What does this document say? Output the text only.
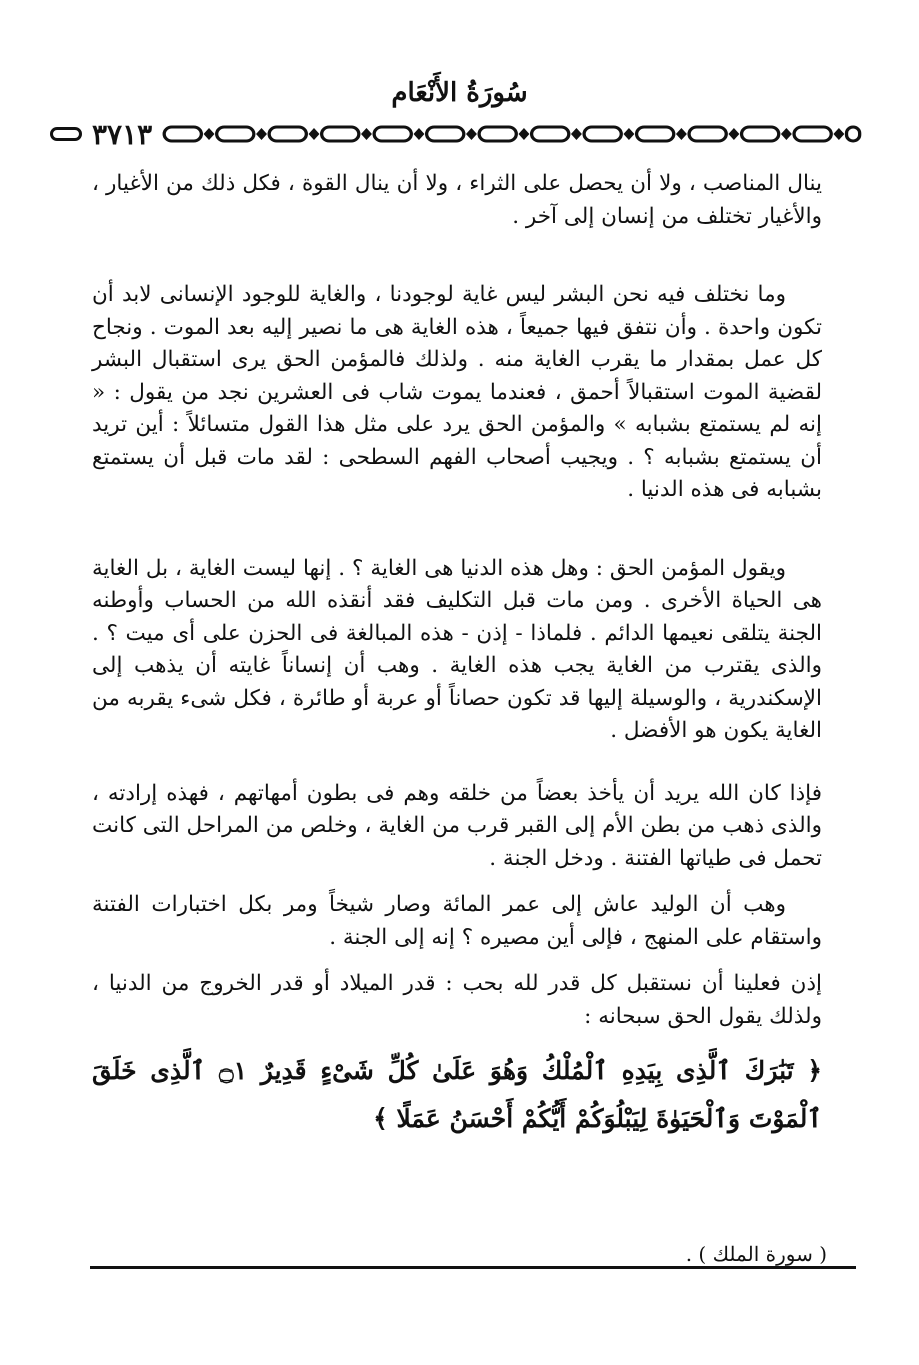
سُورَةُ الأَنْعَام
٣٧١٣

ينال المناصب ، ولا أن يحصل على الثراء ، ولا أن ينال القوة ، فكل ذلك من الأغيار ، والأغيار تختلف من إنسان إلى آخر .

وما نختلف فيه نحن البشر ليس غاية لوجودنا ، والغاية للوجود الإنسانى لابد أن تكون واحدة . وأن نتفق فيها جميعاً ، هذه الغاية هى ما نصير إليه بعد الموت . ونجاح كل عمل بمقدار ما يقرب الغاية منه . ولذلك فالمؤمن الحق يرى استقبال البشر لقضية الموت استقبالاً أحمق ، فعندما يموت شاب فى العشرين نجد من يقول : « إنه لم يستمتع بشبابه » والمؤمن الحق يرد على مثل هذا القول متسائلاً : أين تريد أن يستمتع بشبابه ؟ . ويجيب أصحاب الفهم السطحى : لقد مات قبل أن يستمتع بشبابه فى هذه الدنيا .

ويقول المؤمن الحق : وهل هذه الدنيا هى الغاية ؟ . إنها ليست الغاية ، بل الغاية هى الحياة الأخرى . ومن مات قبل التكليف فقد أنقذه الله من الحساب وأوطنه الجنة يتلقى نعيمها الدائم . فلماذا - إذن - هذه المبالغة فى الحزن على أى ميت ؟ . والذى يقترب من الغاية يجب هذه الغاية . وهب أن إنساناً غايته أن يذهب إلى الإسكندرية ، والوسيلة إليها قد تكون حصاناً أو عربة أو طائرة ، فكل شىء يقربه من الغاية يكون هو الأفضل .

فإذا كان الله يريد أن يأخذ بعضاً من خلقه وهم فى بطون أمهاتهم ، فهذه إرادته ، والذى ذهب من بطن الأم إلى القبر قرب من الغاية ، وخلص من المراحل التى كانت تحمل فى طياتها الفتنة . ودخل الجنة .

وهب أن الوليد عاش إلى عمر المائة وصار شيخاً ومر بكل اختبارات الفتنة واستقام على المنهج ، فإلى أين مصيره ؟ إنه إلى الجنة .

إذن فعلينا أن نستقبل كل قدر لله بحب : قدر الميلاد أو قدر الخروج من الدنيا ، ولذلك يقول الحق سبحانه :

﴿ تَبَٰرَكَ ٱلَّذِى بِيَدِهِ ٱلْمُلْكُ وَهُوَ عَلَىٰ كُلِّ شَىْءٍ قَدِيرٌ ۝١ ٱلَّذِى خَلَقَ ٱلْمَوْتَ وَٱلْحَيَوٰةَ لِيَبْلُوَكُمْ أَيُّكُمْ أَحْسَنُ عَمَلًا ﴾

( سورة الملك ) .
